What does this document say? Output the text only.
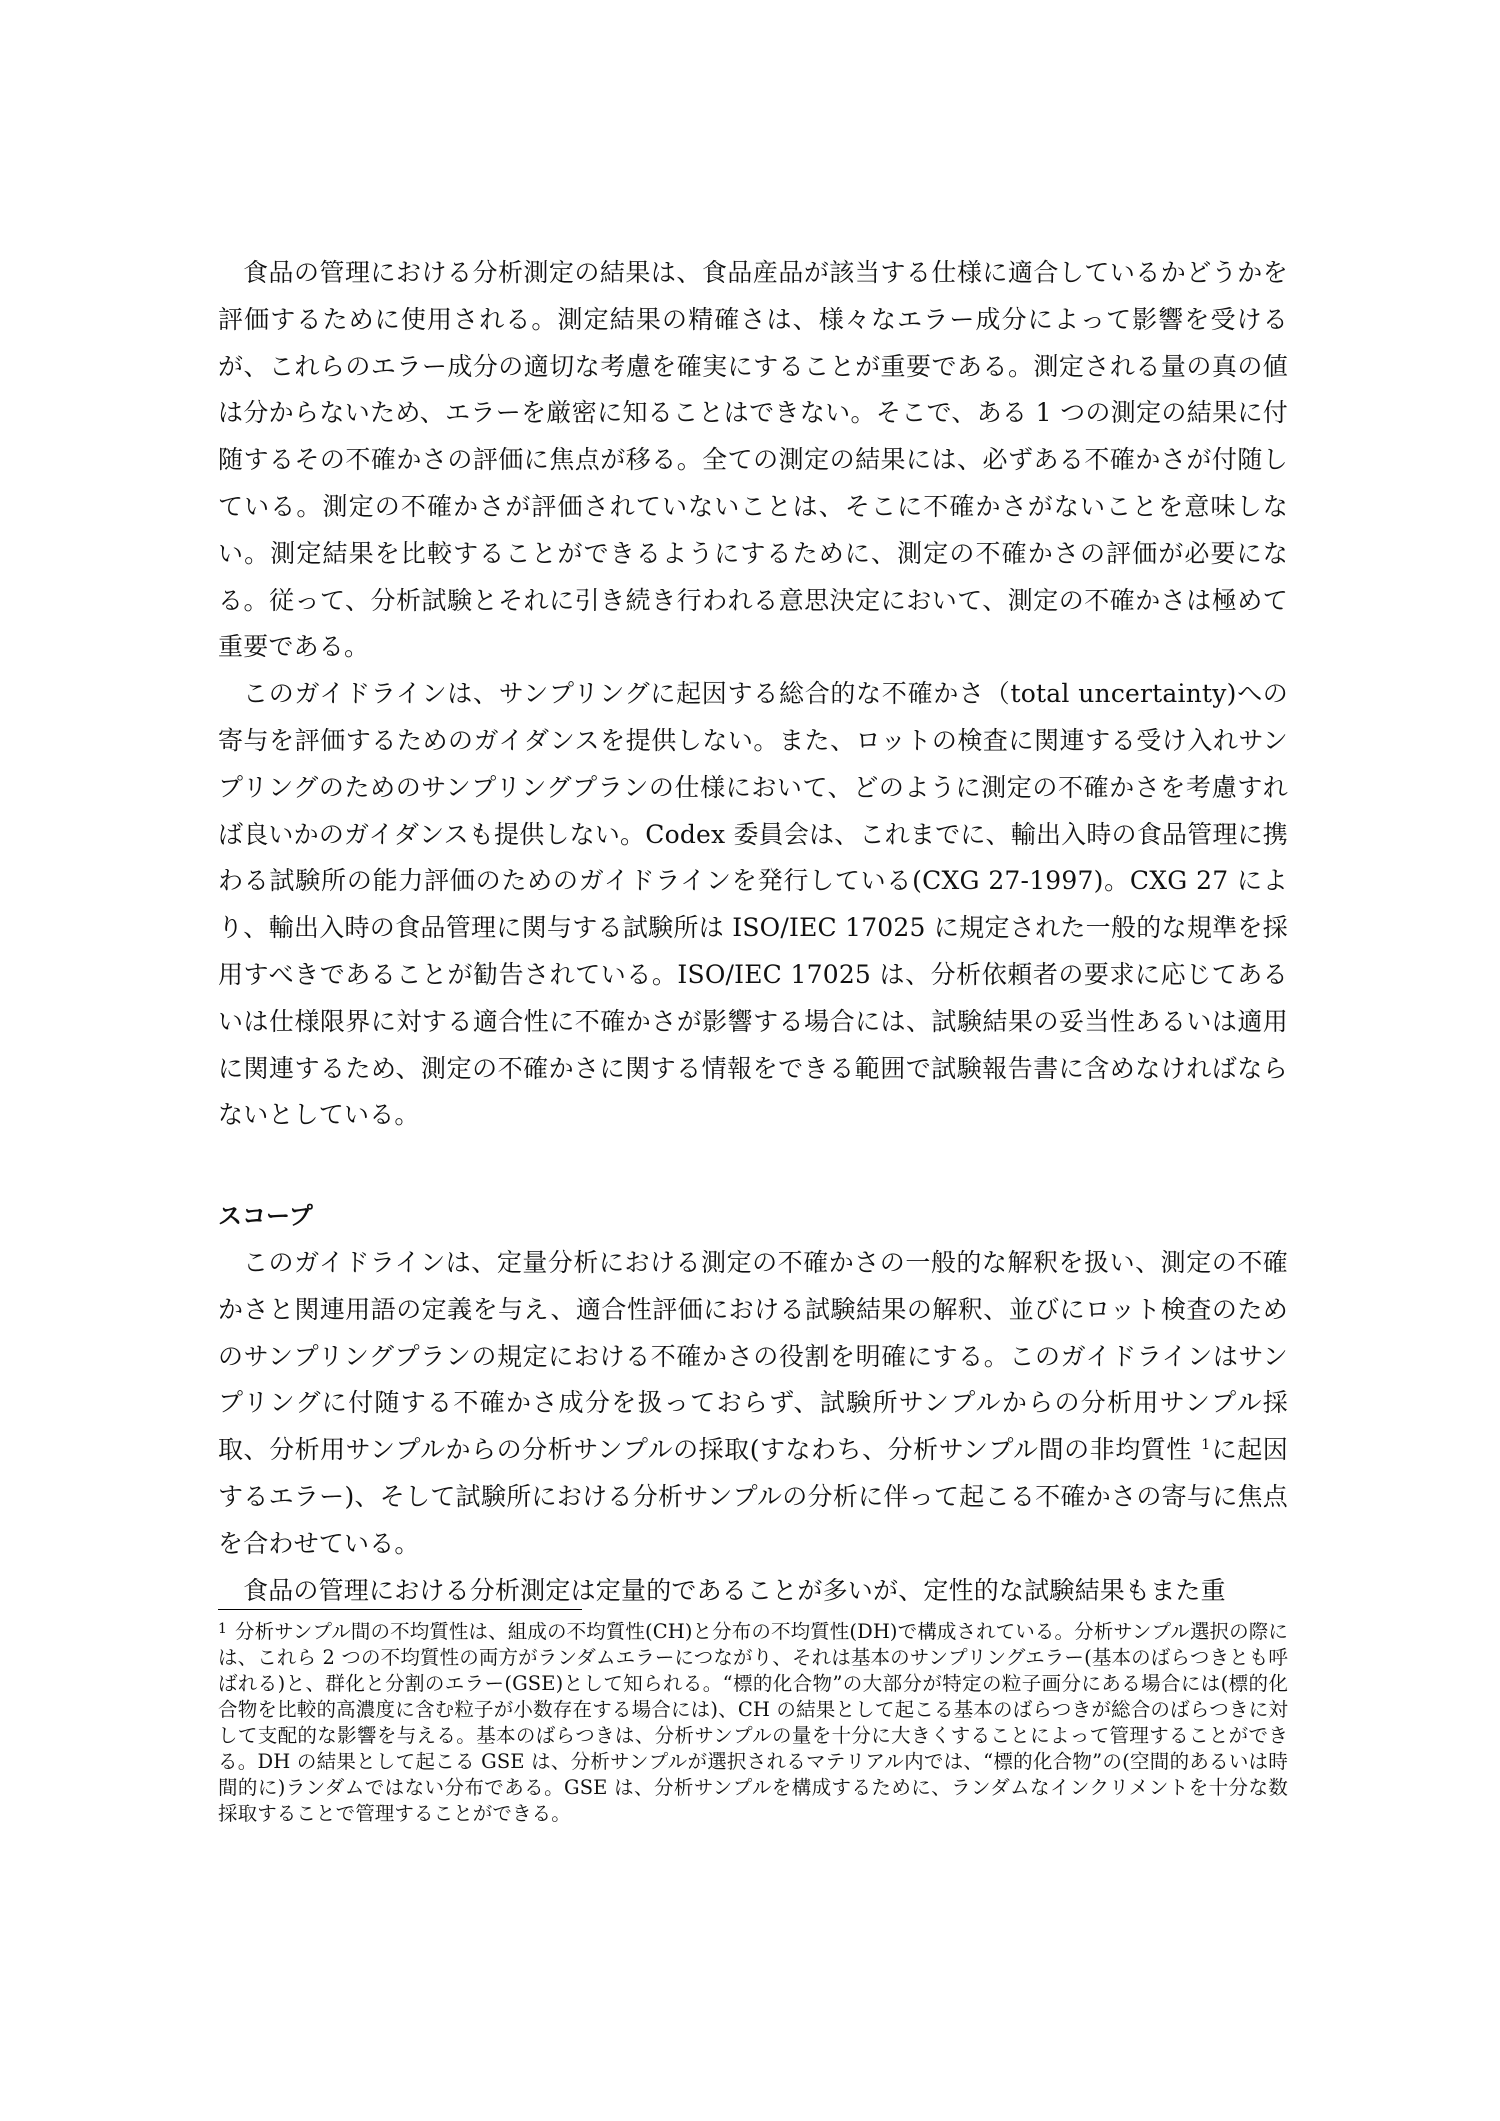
食品の管理における分析測定の結果は、食品産品が該当する仕様に適合しているかどうかを評価するために使用される。測定結果の精確さは、様々なエラー成分によって影響を受けるが、これらのエラー成分の適切な考慮を確実にすることが重要である。測定される量の真の値は分からないため、エラーを厳密に知ることはできない。そこで、ある 1 つの測定の結果に付随するその不確かさの評価に焦点が移る。全ての測定の結果には、必ずある不確かさが付随している。測定の不確かさが評価されていないことは、そこに不確かさがないことを意味しない。測定結果を比較することができるようにするために、測定の不確かさの評価が必要になる。従って、分析試験とそれに引き続き行われる意思決定において、測定の不確かさは極めて重要である。

このガイドラインは、サンプリングに起因する総合的な不確かさ（total uncertainty)への寄与を評価するためのガイダンスを提供しない。また、ロットの検査に関連する受け入れサンプリングのためのサンプリングプランの仕様において、どのように測定の不確かさを考慮すれば良いかのガイダンスも提供しない。Codex 委員会は、これまでに、輸出入時の食品管理に携わる試験所の能力評価のためのガイドラインを発行している(CXG 27-1997)。CXG 27 により、輸出入時の食品管理に関与する試験所は ISO/IEC 17025 に規定された一般的な規準を採用すべきであることが勧告されている。ISO/IEC 17025 は、分析依頼者の要求に応じてあるいは仕様限界に対する適合性に不確かさが影響する場合には、試験結果の妥当性あるいは適用に関連するため、測定の不確かさに関する情報をできる範囲で試験報告書に含めなければならないとしている。

スコープ

このガイドラインは、定量分析における測定の不確かさの一般的な解釈を扱い、測定の不確かさと関連用語の定義を与え、適合性評価における試験結果の解釈、並びにロット検査のためのサンプリングプランの規定における不確かさの役割を明確にする。このガイドラインはサンプリングに付随する不確かさ成分を扱っておらず、試験所サンプルからの分析用サンプル採取、分析用サンプルからの分析サンプルの採取(すなわち、分析サンプル間の非均質性 $^1$に起因するエラー)、そして試験所における分析サンプルの分析に伴って起こる不確かさの寄与に焦点を合わせている。

食品の管理における分析測定は定量的であることが多いが、定性的な試験結果もまた重

$^1$ 分析サンプル間の不均質性は、組成の不均質性(CH)と分布の不均質性(DH)で構成されている。分析サンプル選択の際には、これら 2 つの不均質性の両方がランダムエラーにつながり、それは基本のサンプリングエラー(基本のばらつきとも呼ばれる)と、群化と分割のエラー(GSE)として知られる。“標的化合物”の大部分が特定の粒子画分にある場合には(標的化合物を比較的高濃度に含む粒子が小数存在する場合には)、CH の結果として起こる基本のばらつきが総合のばらつきに対して支配的な影響を与える。基本のばらつきは、分析サンプルの量を十分に大きくすることによって管理することができる。DH の結果として起こる GSE は、分析サンプルが選択されるマテリアル内では、“標的化合物”の(空間的あるいは時間的に)ランダムではない分布である。GSE は、分析サンプルを構成するために、ランダムなインクリメントを十分な数採取することで管理することができる。
